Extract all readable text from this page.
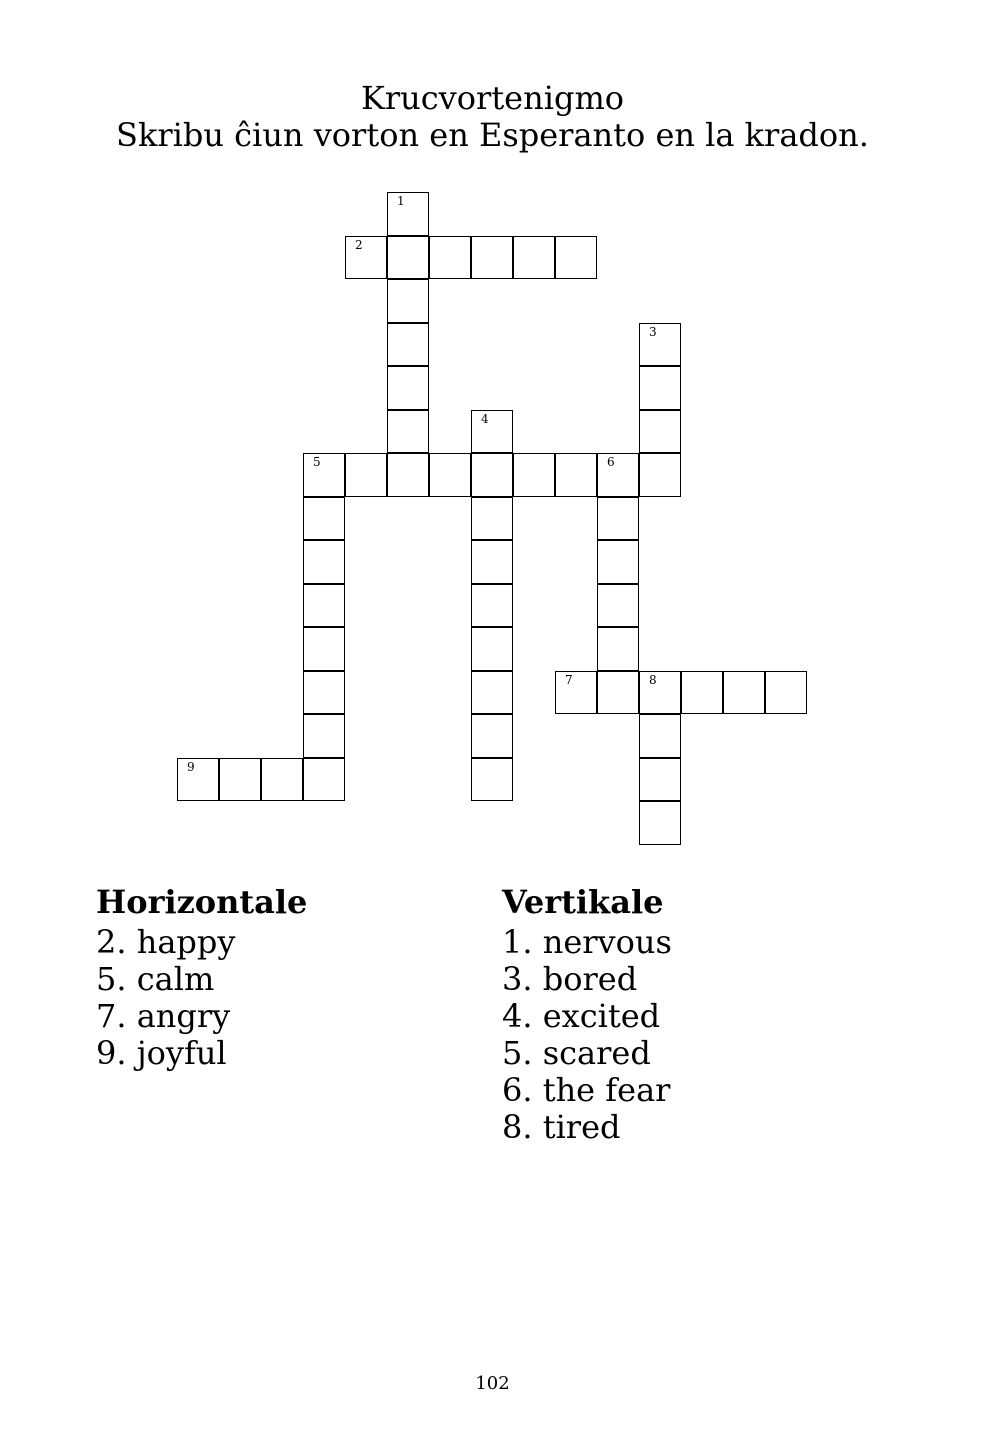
Krucvortenigmo
Skribu ĉiun vorton en Esperanto en la kradon.
1
2
3
4
5	6
7	8
9
Horizontale
2. happy
5. calm
7. angry
9. joyful
Vertikale
1. nervous
3. bored
4. excited
5. scared
6. the fear
8. tired
102
